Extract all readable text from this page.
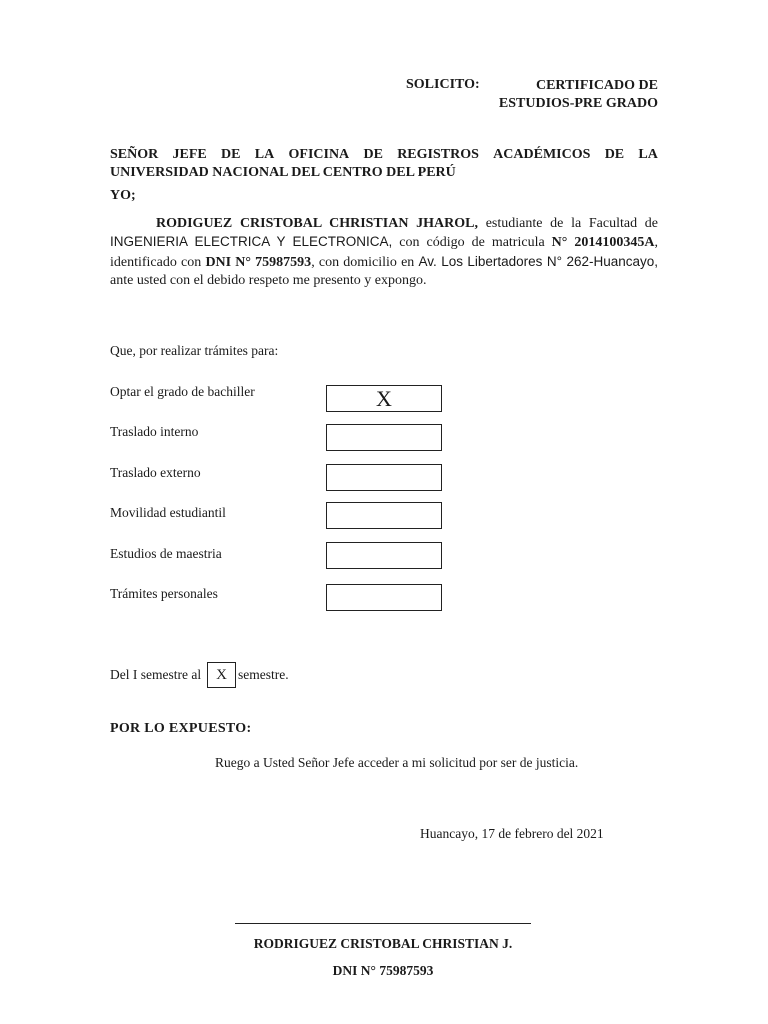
SOLICITO:	CERTIFICADO DE
ESTUDIOS-PRE GRADO
SEÑOR JEFE DE LA OFICINA DE REGISTROS ACADÉMICOS DE LA
UNIVERSIDAD NACIONAL DEL CENTRO DEL PERÚ
YO;
RODIGUEZ CRISTOBAL CHRISTIAN JHAROL, estudiante de la Facultad de INGENIERIA ELECTRICA Y ELECTRONICA, con código de matricula N° 2014100345A, identificado con DNI N° 75987593, con domicilio en Av. Los Libertadores N° 262-Huancayo, ante usted con el debido respeto me presento y expongo.
Que, por realizar trámites para:
Optar el grado de bachiller	X
Traslado interno
Traslado externo
Movilidad estudiantil
Estudios de maestria
Trámites personales
Del I semestre al X semestre.
POR LO EXPUESTO:
Ruego a Usted Señor Jefe acceder a mi solicitud por ser de justicia.
Huancayo, 17 de febrero del 2021
RODRIGUEZ CRISTOBAL CHRISTIAN J.
DNI N° 75987593
